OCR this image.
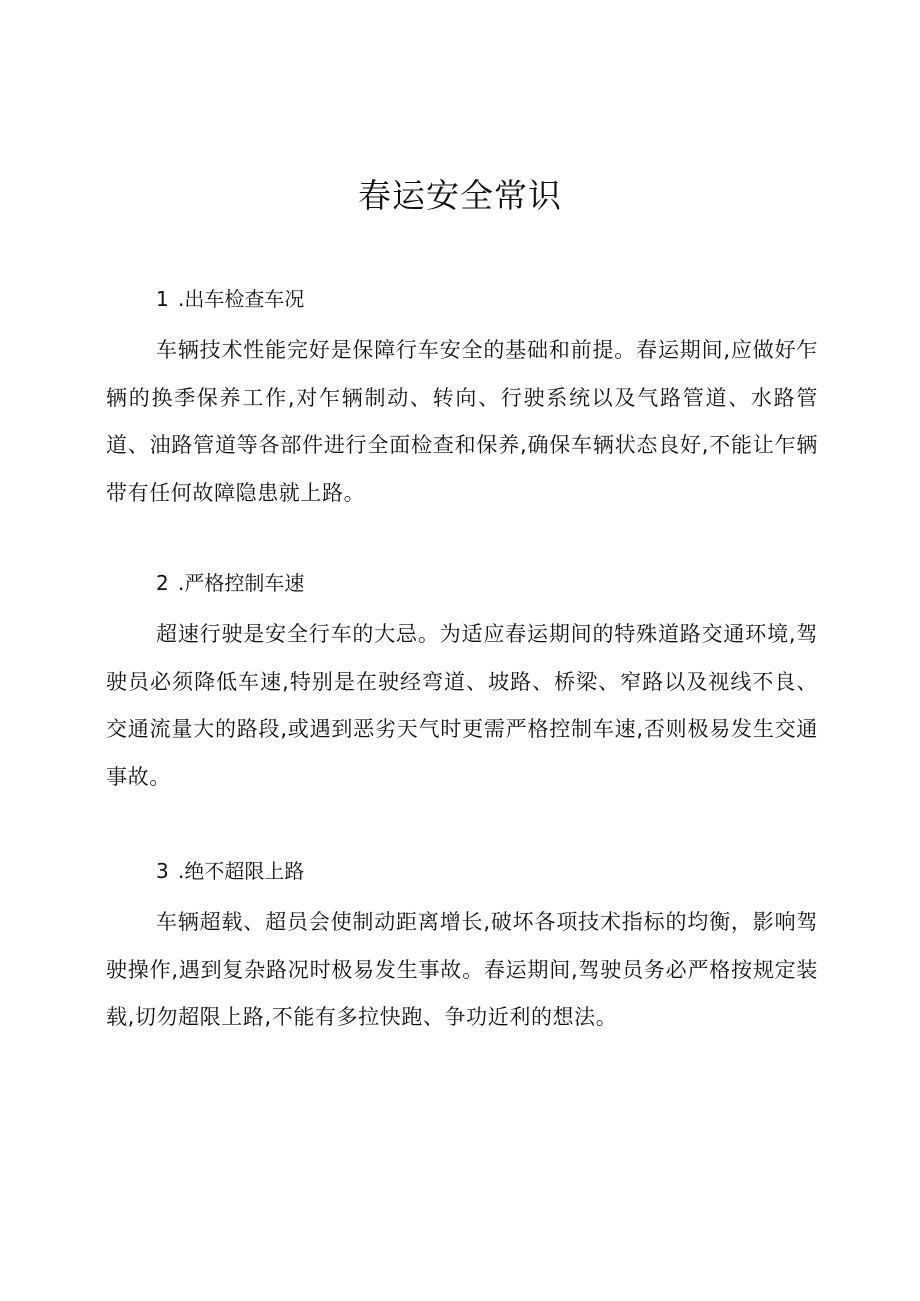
春运安全常识
1 .出车检查车况

车辆技术性能完好是保障行车安全的基础和前提。春运期间,应做好乍辆的换季保养工作,对乍辆制动、转向、行驶系统以及气路管道、水路管道、油路管道等各部件进行全面检查和保养,确保车辆状态良好,不能让乍辆带有任何故障隐患就上路。

2 .严格控制车速

超速行驶是安全行车的大忌。为适应春运期间的特殊道路交通环境,驾驶员必须降低车速,特别是在驶经弯道、坡路、桥梁、窄路以及视线不良、交通流量大的路段,或遇到恶劣天气时更需严格控制车速,否则极易发生交通事故。

3 .绝不超限上路

车辆超载、超员会使制动距离增长,破坏各项技术指标的均衡，影响驾驶操作,遇到复杂路况时极易发生事故。春运期间,驾驶员务必严格按规定装载,切勿超限上路,不能有多拉快跑、争功近利的想法。
